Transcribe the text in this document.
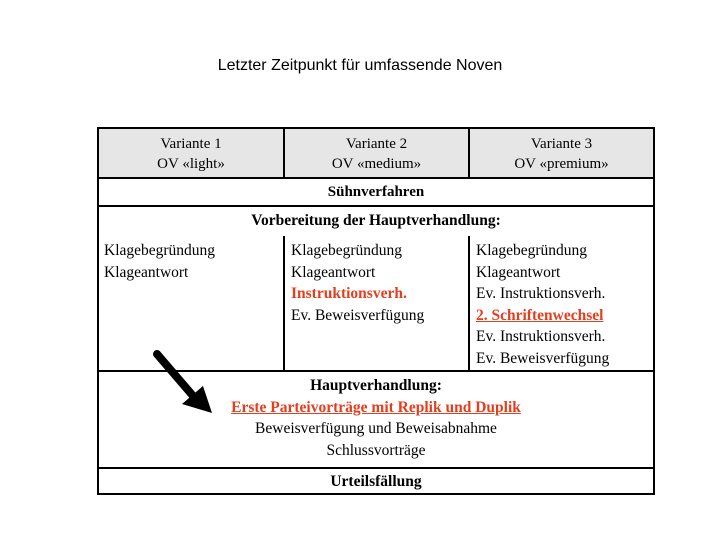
Letzter Zeitpunkt für umfassende Noven
Variante 1
OV «light»
Variante 2
OV «medium»
Variante 3
OV «premium»
Sühnverfahren
Vorbereitung der Hauptverhandlung:
Klagebegründung
Klageantwort
Klagebegründung
Klageantwort
Instruktionsverh.
Ev. Beweisverfügung
Klagebegründung
Klageantwort
Ev. Instruktionsverh.
2. Schriftenwechsel
Ev. Instruktionsverh.
Ev. Beweisverfügung
Hauptverhandlung:
Erste Parteivorträge mit Replik und Duplik
Beweisverfügung und Beweisabnahme
Schlussvorträge
Urteilsfällung
